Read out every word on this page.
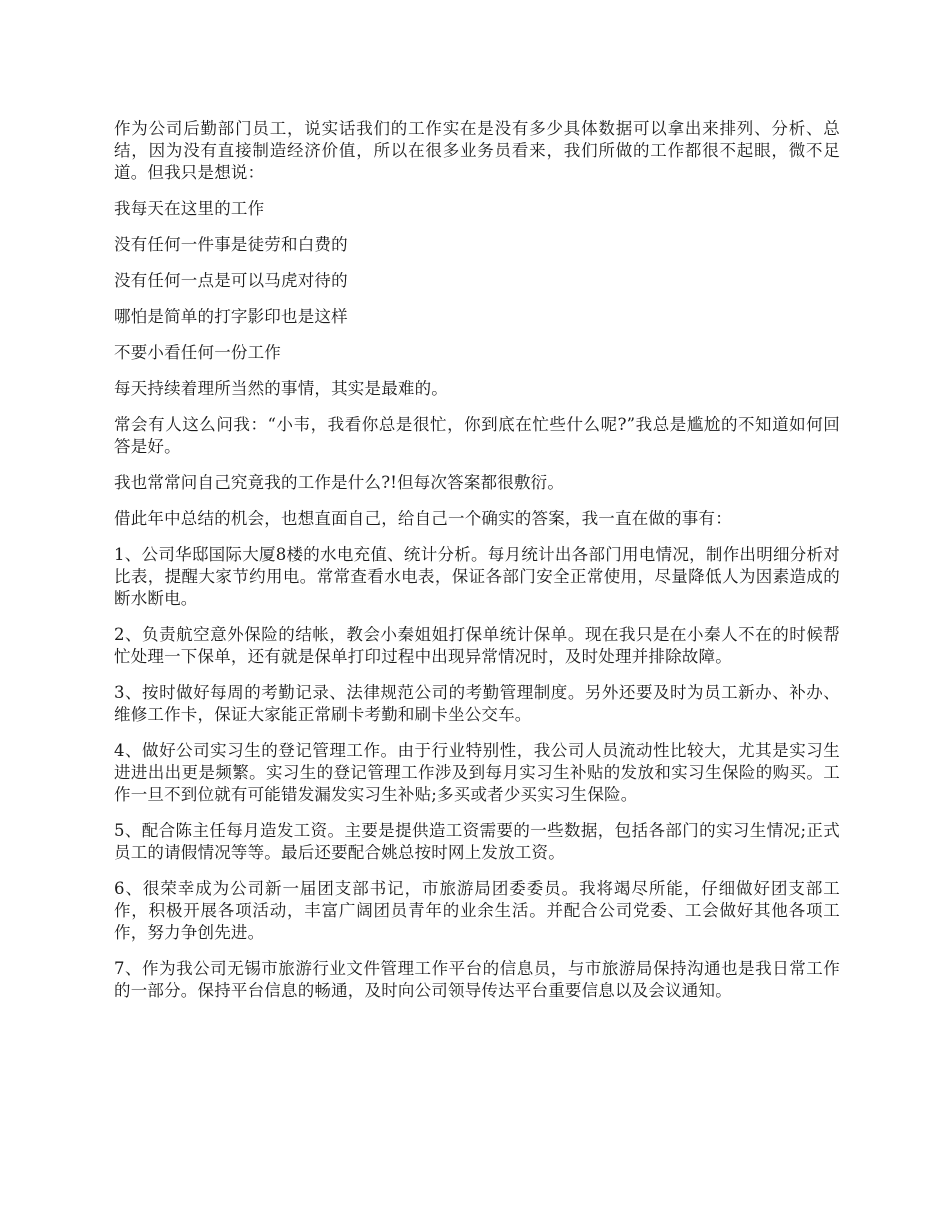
作为公司后勤部门员工，说实话我们的工作实在是没有多少具体数据可以拿出来排列、分析、总结，因为没有直接制造经济价值，所以在很多业务员看来，我们所做的工作都很不起眼，微不足道。但我只是想说：

我每天在这里的工作

没有任何一件事是徒劳和白费的

没有任何一点是可以马虎对待的

哪怕是简单的打字影印也是这样

不要小看任何一份工作

每天持续着理所当然的事情，其实是最难的。

常会有人这么问我：“小韦，我看你总是很忙，你到底在忙些什么呢?”我总是尴尬的不知道如何回答是好。

我也常常问自己究竟我的工作是什么?!但每次答案都很敷衍。

借此年中总结的机会，也想直面自己，给自己一个确实的答案，我一直在做的事有：

1、公司华邸国际大厦8楼的水电充值、统计分析。每月统计出各部门用电情况，制作出明细分析对比表，提醒大家节约用电。常常查看水电表，保证各部门安全正常使用，尽量降低人为因素造成的断水断电。

2、负责航空意外保险的结帐，教会小秦姐姐打保单统计保单。现在我只是在小秦人不在的时候帮忙处理一下保单，还有就是保单打印过程中出现异常情况时，及时处理并排除故障。

3、按时做好每周的考勤记录、法律规范公司的考勤管理制度。另外还要及时为员工新办、补办、维修工作卡，保证大家能正常刷卡考勤和刷卡坐公交车。

4、做好公司实习生的登记管理工作。由于行业特别性，我公司人员流动性比较大，尤其是实习生进进出出更是频繁。实习生的登记管理工作涉及到每月实习生补贴的发放和实习生保险的购买。工作一旦不到位就有可能错发漏发实习生补贴;多买或者少买实习生保险。

5、配合陈主任每月造发工资。主要是提供造工资需要的一些数据，包括各部门的实习生情况;正式员工的请假情况等等。最后还要配合姚总按时网上发放工资。

6、很荣幸成为公司新一届团支部书记，市旅游局团委委员。我将竭尽所能，仔细做好团支部工作，积极开展各项活动，丰富广阔团员青年的业余生活。并配合公司党委、工会做好其他各项工作，努力争创先进。

7、作为我公司无锡市旅游行业文件管理工作平台的信息员，与市旅游局保持沟通也是我日常工作的一部分。保持平台信息的畅通，及时向公司领导传达平台重要信息以及会议通知。
